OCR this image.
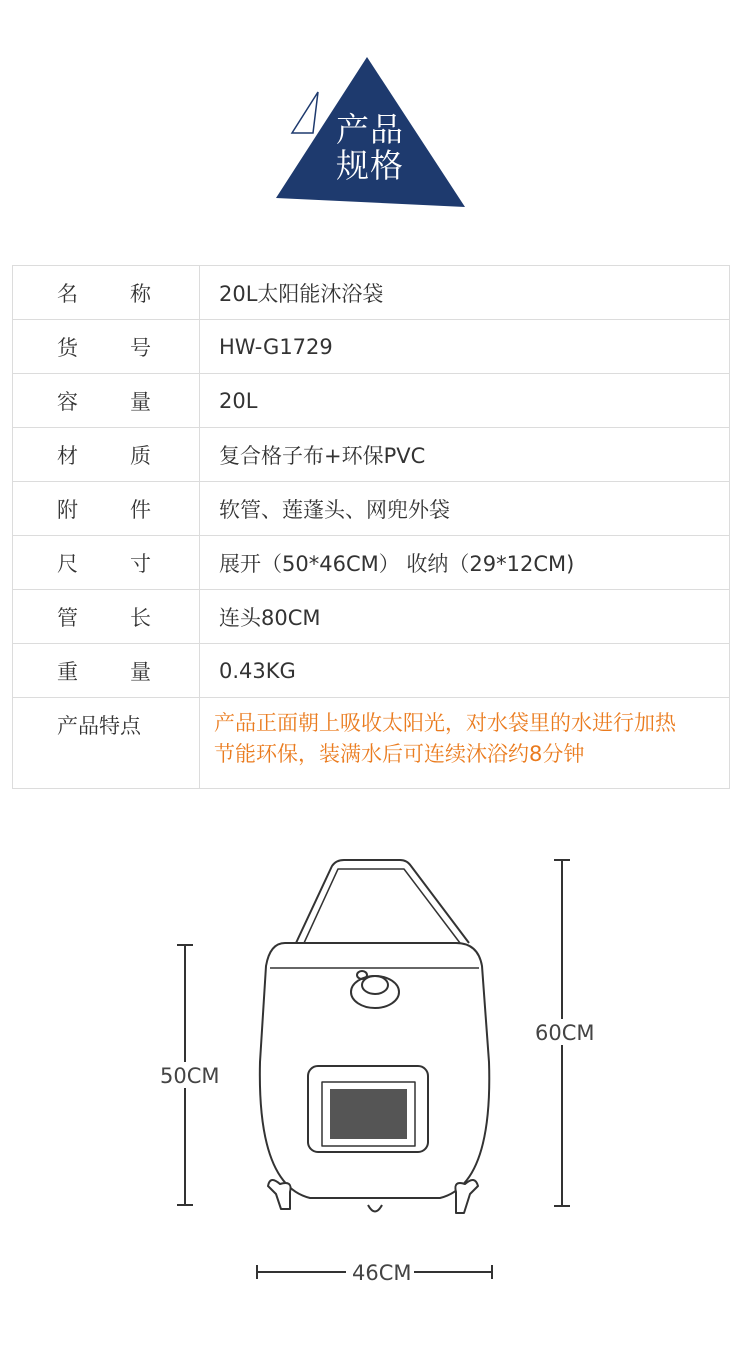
产品
规格
名 称	20L太阳能沐浴袋

货 号	HW-G1729

容 量	20L

材 质	复合格子布+环保PVC

附 件	软管、莲蓬头、网兜外袋

尺 寸	展开（50*46CM） 收纳（29*12CM)

管 长	连头80CM

重 量	0.43KG

产品特点	产品正面朝上吸收太阳光，对水袋里的水进行加热
节能环保，装满水后可连续沐浴约8分钟
50CM
60CM
46CM
